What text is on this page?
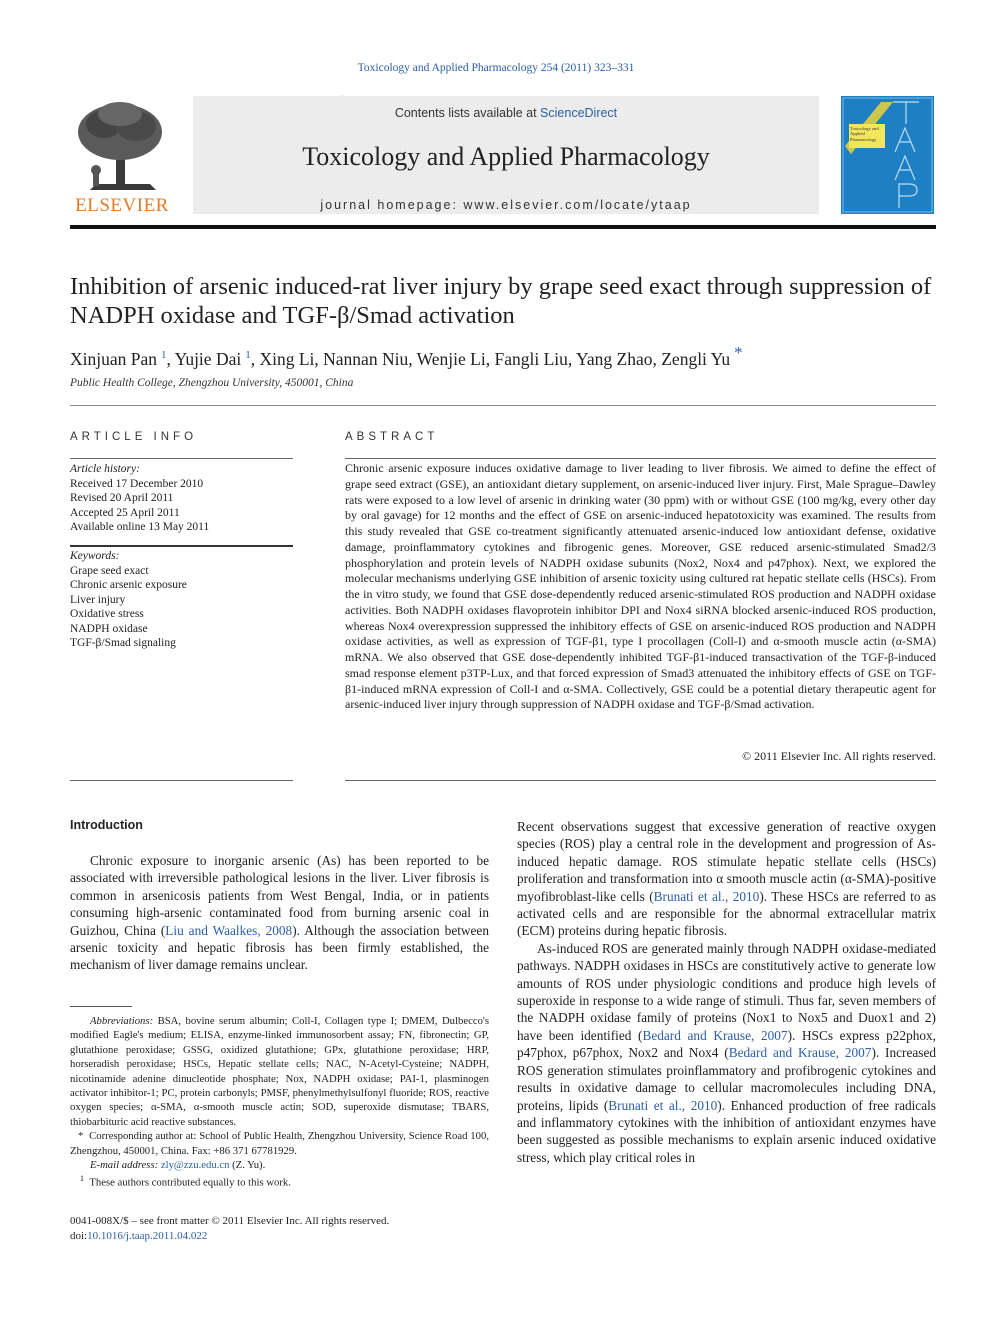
Toxicology and Applied Pharmacology 254 (2011) 323–331
ELSEVIER
Contents lists available at ScienceDirect
Toxicology and Applied Pharmacology
journal homepage: www.elsevier.com/locate/ytaap
TAAP
Toxicology and Applied Pharmacology
Inhibition of arsenic induced-rat liver injury by grape seed exact through suppression of NADPH oxidase and TGF-β/Smad activation
Xinjuan Pan $^1$, Yujie Dai $^1$, Xing Li, Nannan Niu, Wenjie Li, Fangli Liu, Yang Zhao, Zengli Yu *
Public Health College, Zhengzhou University, 450001, China
ARTICLE INFO
Article history:
Received 17 December 2010
Revised 20 April 2011
Accepted 25 April 2011
Available online 13 May 2011
Keywords:
Grape seed exact
Chronic arsenic exposure
Liver injury
Oxidative stress
NADPH oxidase
TGF-β/Smad signaling
ABSTRACT
Chronic arsenic exposure induces oxidative damage to liver leading to liver fibrosis. We aimed to define the effect of grape seed extract (GSE), an antioxidant dietary supplement, on arsenic-induced liver injury. First, Male Sprague–Dawley rats were exposed to a low level of arsenic in drinking water (30 ppm) with or without GSE (100 mg/kg, every other day by oral gavage) for 12 months and the effect of GSE on arsenic-induced hepatotoxicity was examined. The results from this study revealed that GSE co-treatment significantly attenuated arsenic-induced low antioxidant defense, oxidative damage, proinflammatory cytokines and fibrogenic genes. Moreover, GSE reduced arsenic-stimulated Smad2/3 phosphorylation and protein levels of NADPH oxidase subunits (Nox2, Nox4 and p47phox). Next, we explored the molecular mechanisms underlying GSE inhibition of arsenic toxicity using cultured rat hepatic stellate cells (HSCs). From the in vitro study, we found that GSE dose-dependently reduced arsenic-stimulated ROS production and NADPH oxidase activities. Both NADPH oxidases flavoprotein inhibitor DPI and Nox4 siRNA blocked arsenic-induced ROS production, whereas Nox4 overexpression suppressed the inhibitory effects of GSE on arsenic-induced ROS production and NADPH oxidase activities, as well as expression of TGF-β1, type I procollagen (Coll-I) and α-smooth muscle actin (α-SMA) mRNA. We also observed that GSE dose-dependently inhibited TGF-β1-induced transactivation of the TGF-β-induced smad response element p3TP-Lux, and that forced expression of Smad3 attenuated the inhibitory effects of GSE on TGF-β1-induced mRNA expression of Coll-I and α-SMA. Collectively, GSE could be a potential dietary therapeutic agent for arsenic-induced liver injury through suppression of NADPH oxidase and TGF-β/Smad activation.
© 2011 Elsevier Inc. All rights reserved.
Introduction
Chronic exposure to inorganic arsenic (As) has been reported to be associated with irreversible pathological lesions in the liver. Liver fibrosis is common in arsenicosis patients from West Bengal, India, or in patients consuming high-arsenic contaminated food from burning arsenic coal in Guizhou, China (Liu and Waalkes, 2008). Although the association between arsenic toxicity and hepatic fibrosis has been firmly established, the mechanism of liver damage remains unclear.

Recent observations suggest that excessive generation of reactive oxygen species (ROS) play a central role in the development and progression of As-induced hepatic damage. ROS stimulate hepatic stellate cells (HSCs) proliferation and transformation into α smooth muscle actin (α-SMA)-positive myofibroblast-like cells (Brunati et al., 2010). These HSCs are referred to as activated cells and are responsible for the abnormal extracellular matrix (ECM) proteins during hepatic fibrosis.

As-induced ROS are generated mainly through NADPH oxidase-mediated pathways. NADPH oxidases in HSCs are constitutively active to generate low amounts of ROS under physiologic conditions and produce high levels of superoxide in response to a wide range of stimuli. Thus far, seven members of the NADPH oxidase family of proteins (Nox1 to Nox5 and Duox1 and 2) have been identified (Bedard and Krause, 2007). HSCs express p22phox, p47phox, p67phox, Nox2 and Nox4 (Bedard and Krause, 2007). Increased ROS generation stimulates proinflammatory and profibrogenic cytokines and results in oxidative damage to cellular macromolecules including DNA, proteins, lipids (Brunati et al., 2010). Enhanced production of free radicals and inflammatory cytokines with the inhibition of antioxidant enzymes have been suggested as possible mechanisms to explain arsenic induced oxidative stress, which play critical roles in

Abbreviations: BSA, bovine serum albumin; Coll-I, Collagen type I; DMEM, Dulbecco's modified Eagle's medium; ELISA, enzyme-linked immunosorbent assay; FN, fibronectin; GP, glutathione peroxidase; GSSG, oxidized glutathione; GPx, glutathione peroxidase; HRP, horseradish peroxidase; HSCs, Hepatic stellate cells; NAC, N-Acetyl-Cysteine; NADPH, nicotinamide adenine dinucleotide phosphate; Nox, NADPH oxidase; PAI-1, plasminogen activator inhibitor-1; PC, protein carbonyls; PMSF, phenylmethylsulfonyl fluoride; ROS, reactive oxygen species; α-SMA, α-smooth muscle actin; SOD, superoxide dismutase; TBARS, thiobarbituric acid reactive substances.
* Corresponding author at: School of Public Health, Zhengzhou University, Science Road 100, Zhengzhou, 450001, China. Fax: +86 371 67781929.
E-mail address: zly@zzu.edu.cn (Z. Yu).
$^1$ These authors contributed equally to this work.
0041-008X/$ – see front matter © 2011 Elsevier Inc. All rights reserved.
doi:10.1016/j.taap.2011.04.022
